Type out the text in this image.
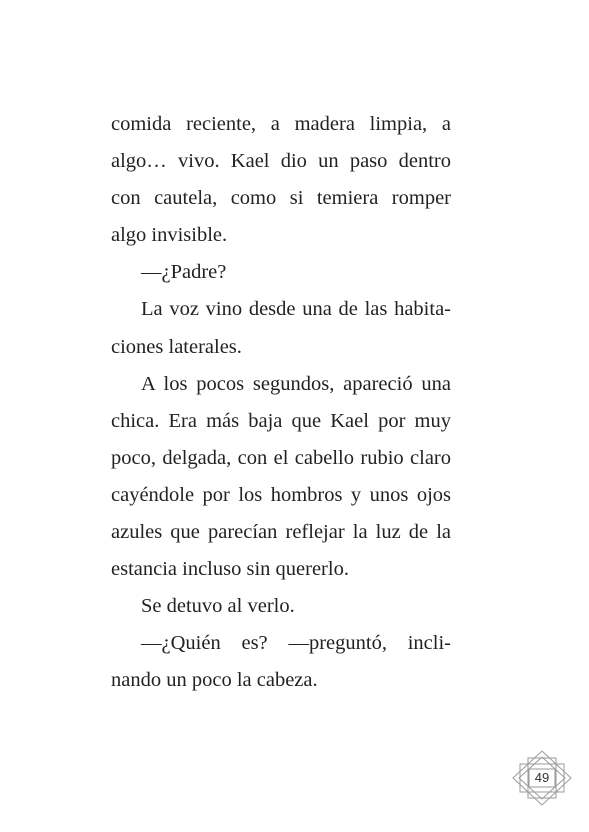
comida reciente, a madera limpia, a
algo… vivo. Kael dio un paso dentro
con cautela, como si temiera romper
algo invisible.
—¿Padre?
La voz vino desde una de las habita-
ciones laterales.
A los pocos segundos, apareció una
chica. Era más baja que Kael por muy
poco, delgada, con el cabello rubio claro
cayéndole por los hombros y unos ojos
azules que parecían reflejar la luz de la
estancia incluso sin quererlo.
Se detuvo al verlo.
—¿Quién es? —preguntó, incli-
nando un poco la cabeza.
49
